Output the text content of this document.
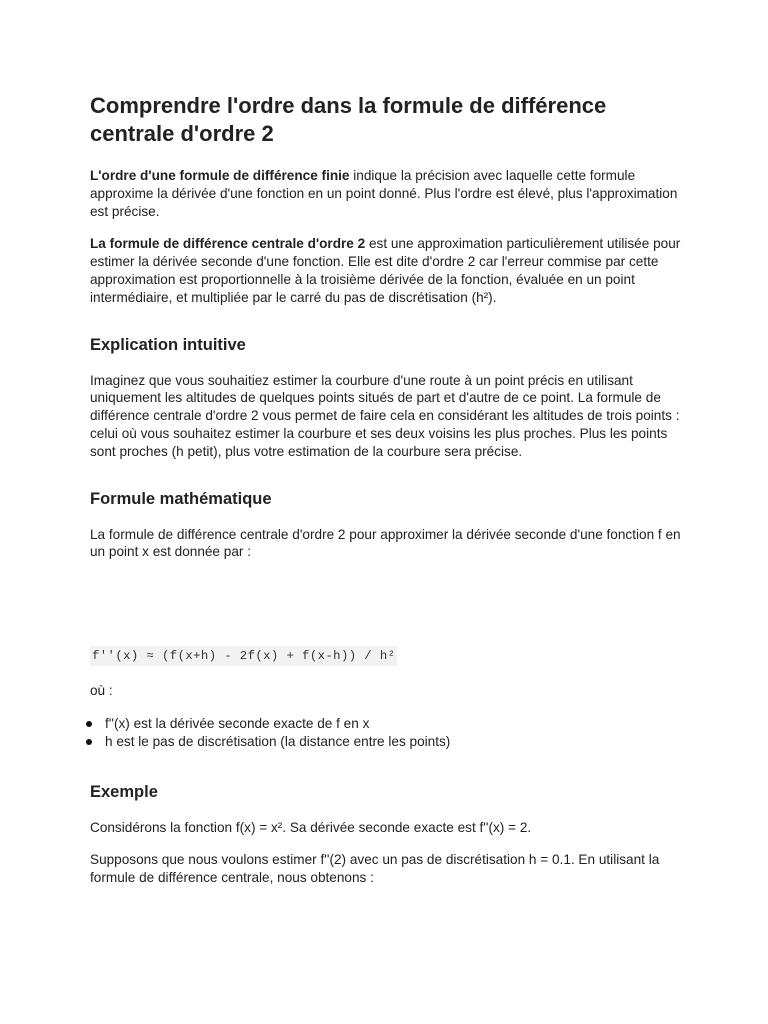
Comprendre l'ordre dans la formule de différence centrale d'ordre 2

L'ordre d'une formule de différence finie indique la précision avec laquelle cette formule approxime la dérivée d'une fonction en un point donné. Plus l'ordre est élevé, plus l'approximation est précise.

La formule de différence centrale d'ordre 2 est une approximation particulièrement utilisée pour estimer la dérivée seconde d'une fonction. Elle est dite d'ordre 2 car l'erreur commise par cette approximation est proportionnelle à la troisième dérivée de la fonction, évaluée en un point intermédiaire, et multipliée par le carré du pas de discrétisation (h²).

Explication intuitive

Imaginez que vous souhaitiez estimer la courbure d'une route à un point précis en utilisant uniquement les altitudes de quelques points situés de part et d'autre de ce point. La formule de différence centrale d'ordre 2 vous permet de faire cela en considérant les altitudes de trois points : celui où vous souhaitez estimer la courbure et ses deux voisins les plus proches. Plus les points sont proches (h petit), plus votre estimation de la courbure sera précise.

Formule mathématique

La formule de différence centrale d'ordre 2 pour approximer la dérivée seconde d'une fonction f en un point x est donnée par :

f''(x) ≈ (f(x+h) - 2f(x) + f(x-h)) / h²

où :

f''(x) est la dérivée seconde exacte de f en x
h est le pas de discrétisation (la distance entre les points)
Exemple

Considérons la fonction f(x) = x². Sa dérivée seconde exacte est f''(x) = 2.

Supposons que nous voulons estimer f''(2) avec un pas de discrétisation h = 0.1. En utilisant la formule de différence centrale, nous obtenons :
